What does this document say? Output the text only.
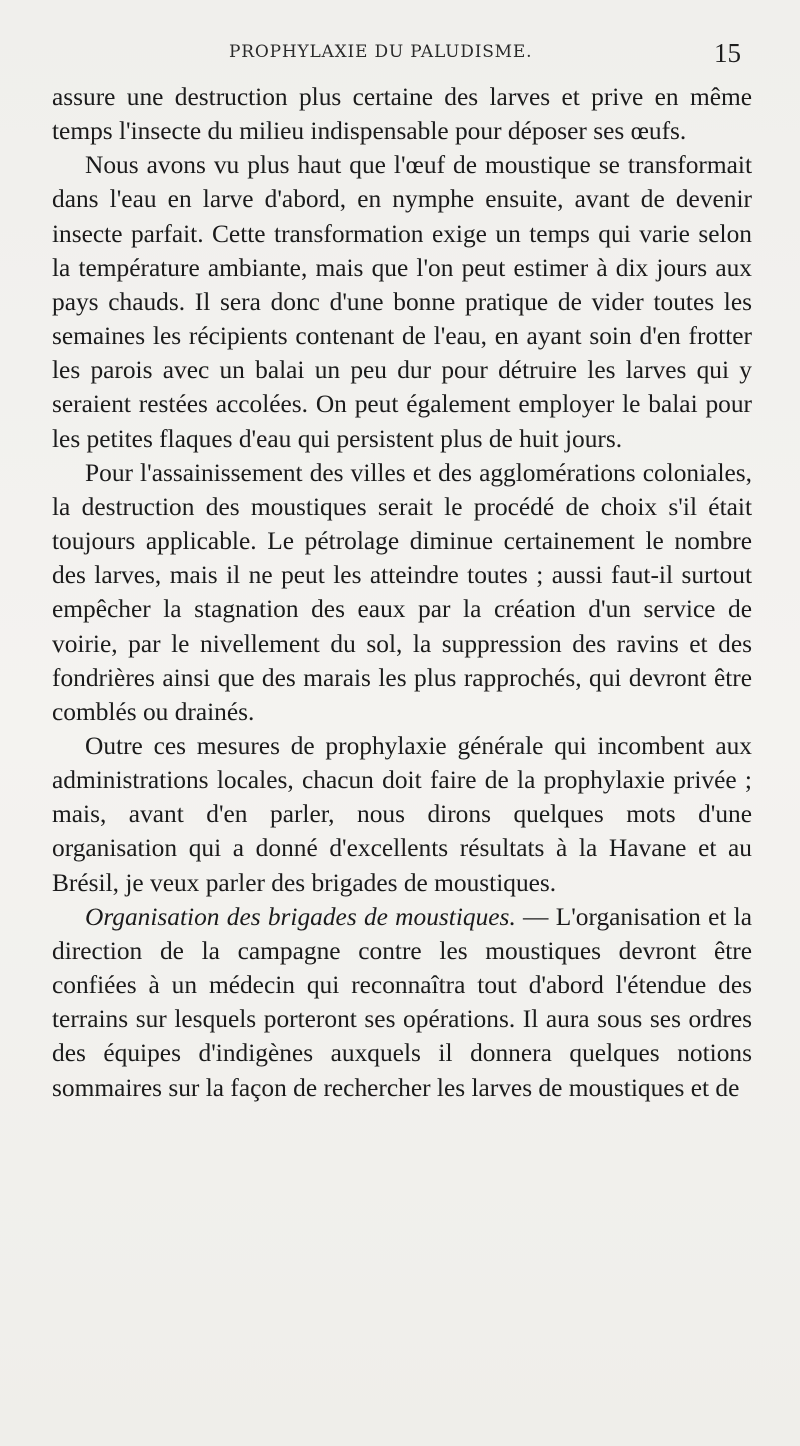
PROPHYLAXIE DU PALUDISME.	15

assure une destruction plus certaine des larves et prive en même temps l'insecte du milieu indispensable pour déposer ses œufs.

Nous avons vu plus haut que l'œuf de moustique se transformait dans l'eau en larve d'abord, en nymphe ensuite, avant de devenir insecte parfait. Cette transformation exige un temps qui varie selon la température ambiante, mais que l'on peut estimer à dix jours aux pays chauds. Il sera donc d'une bonne pratique de vider toutes les semaines les récipients contenant de l'eau, en ayant soin d'en frotter les parois avec un balai un peu dur pour détruire les larves qui y seraient restées accolées. On peut également employer le balai pour les petites flaques d'eau qui persistent plus de huit jours.

Pour l'assainissement des villes et des agglomérations coloniales, la destruction des moustiques serait le procédé de choix s'il était toujours applicable. Le pétrolage diminue certainement le nombre des larves, mais il ne peut les atteindre toutes ; aussi faut-il surtout empêcher la stagnation des eaux par la création d'un service de voirie, par le nivellement du sol, la suppression des ravins et des fondrières ainsi que des marais les plus rapprochés, qui devront être comblés ou drainés.

Outre ces mesures de prophylaxie générale qui incombent aux administrations locales, chacun doit faire de la prophylaxie privée ; mais, avant d'en parler, nous dirons quelques mots d'une organisation qui a donné d'excellents résultats à la Havane et au Brésil, je veux parler des brigades de moustiques.

Organisation des brigades de moustiques. — L'organisation et la direction de la campagne contre les moustiques devront être confiées à un médecin qui reconnaîtra tout d'abord l'étendue des terrains sur lesquels porteront ses opérations. Il aura sous ses ordres des équipes d'indigènes auxquels il donnera quelques notions sommaires sur la façon de rechercher les larves de moustiques et de
